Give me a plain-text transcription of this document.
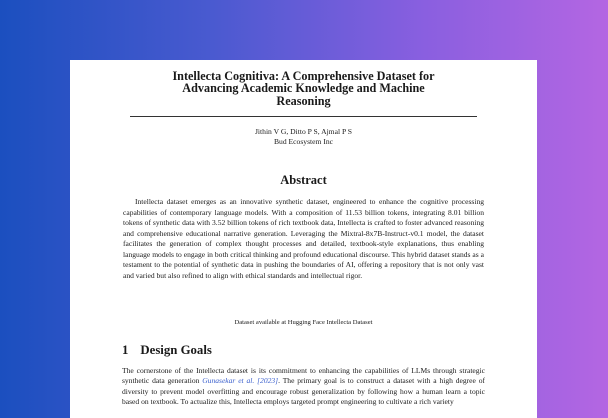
Intellecta Cognitiva: A Comprehensive Dataset for
Advancing Academic Knowledge and Machine
Reasoning
Jithin V G, Ditto P S, Ajmal P S
Bud Ecosystem Inc
Abstract
Intellecta dataset emerges as an innovative synthetic dataset, engineered to enhance the cognitive processing capabilities of contemporary language models. With a composition of 11.53 billion tokens, integrating 8.01 billion tokens of synthetic data with 3.52 billion tokens of rich textbook data, Intellecta is crafted to foster advanced reasoning and comprehensive educational narrative generation. Leveraging the Mixtral-8x7B-Instruct-v0.1 model, the dataset facilitates the generation of complex thought processes and detailed, textbook-style explanations, thus enabling language models to engage in both critical thinking and profound educational discourse. This hybrid dataset stands as a testament to the potential of synthetic data in pushing the boundaries of AI, offering a repository that is not only vast and varied but also refined to align with ethical standards and intellectual rigor.
Dataset available at Hugging Face Intellecta Dataset
1 Design Goals
The cornerstone of the Intellecta dataset is its commitment to enhancing the capabilities of LLMs through strategic synthetic data generation Gunasekar et al. [2023]. The primary goal is to construct a dataset with a high degree of diversity to prevent model overfitting and encourage robust generalization by following how a human learn a topic based on textbook. To actualize this, Intellecta employs targeted prompt engineering to cultivate a rich variety
